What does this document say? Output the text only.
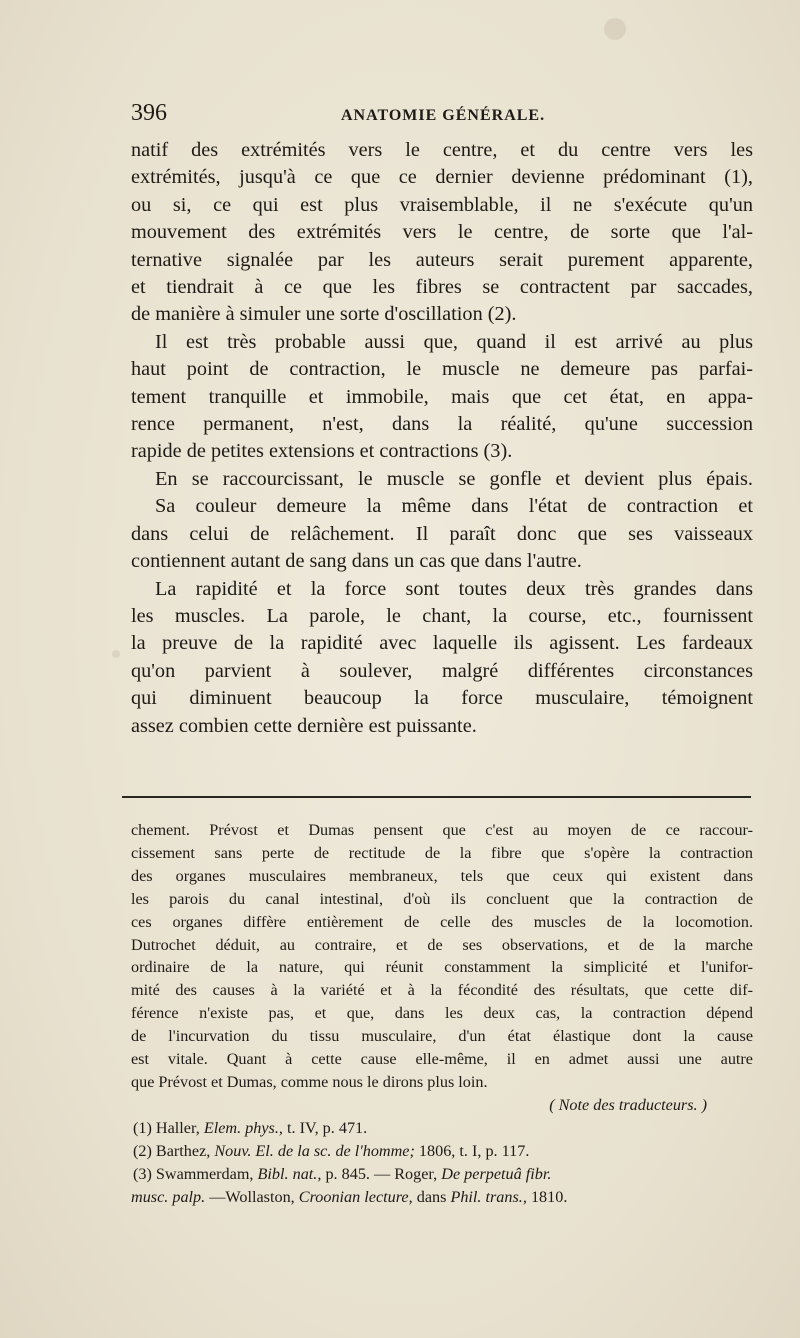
396	ANATOMIE GÉNÉRALE.

natif des extrémités vers le centre, et du centre vers les
extrémités, jusqu'à ce que ce dernier devienne prédominant (1),
ou si, ce qui est plus vraisemblable, il ne s'exécute qu'un
mouvement des extrémités vers le centre, de sorte que l'al-
ternative signalée par les auteurs serait purement apparente,
et tiendrait à ce que les fibres se contractent par saccades,
de manière à simuler une sorte d'oscillation (2).

Il est très probable aussi que, quand il est arrivé au plus
haut point de contraction, le muscle ne demeure pas parfai-
tement tranquille et immobile, mais que cet état, en appa-
rence permanent, n'est, dans la réalité, qu'une succession
rapide de petites extensions et contractions (3).

En se raccourcissant, le muscle se gonfle et devient plus épais.

Sa couleur demeure la même dans l'état de contraction et
dans celui de relâchement. Il paraît donc que ses vaisseaux
contiennent autant de sang dans un cas que dans l'autre.

La rapidité et la force sont toutes deux très grandes dans
les muscles. La parole, le chant, la course, etc., fournissent
la preuve de la rapidité avec laquelle ils agissent. Les fardeaux
qu'on parvient à soulever, malgré différentes circonstances
qui diminuent beaucoup la force musculaire, témoignent
assez combien cette dernière est puissante.

chement. Prévost et Dumas pensent que c'est au moyen de ce raccour-
cissement sans perte de rectitude de la fibre que s'opère la contraction
des organes musculaires membraneux, tels que ceux qui existent dans
les parois du canal intestinal, d'où ils concluent que la contraction de
ces organes diffère entièrement de celle des muscles de la locomotion.
Dutrochet déduit, au contraire, et de ses observations, et de la marche
ordinaire de la nature, qui réunit constamment la simplicité et l'unifor-
mité des causes à la variété et à la fécondité des résultats, que cette dif-
férence n'existe pas, et que, dans les deux cas, la contraction dépend
de l'incurvation du tissu musculaire, d'un état élastique dont la cause
est vitale. Quant à cette cause elle-même, il en admet aussi une autre
que Prévost et Dumas, comme nous le dirons plus loin.
( Note des traducteurs. )
(1) Haller, Elem. phys., t. IV, p. 471.
(2) Barthez, Nouv. El. de la sc. de l'homme; 1806, t. I, p. 117.
(3) Swammerdam, Bibl. nat., p. 845. — Roger, De perpetuâ fibr.
musc. palp. —Wollaston, Croonian lecture, dans Phil. trans., 1810.
